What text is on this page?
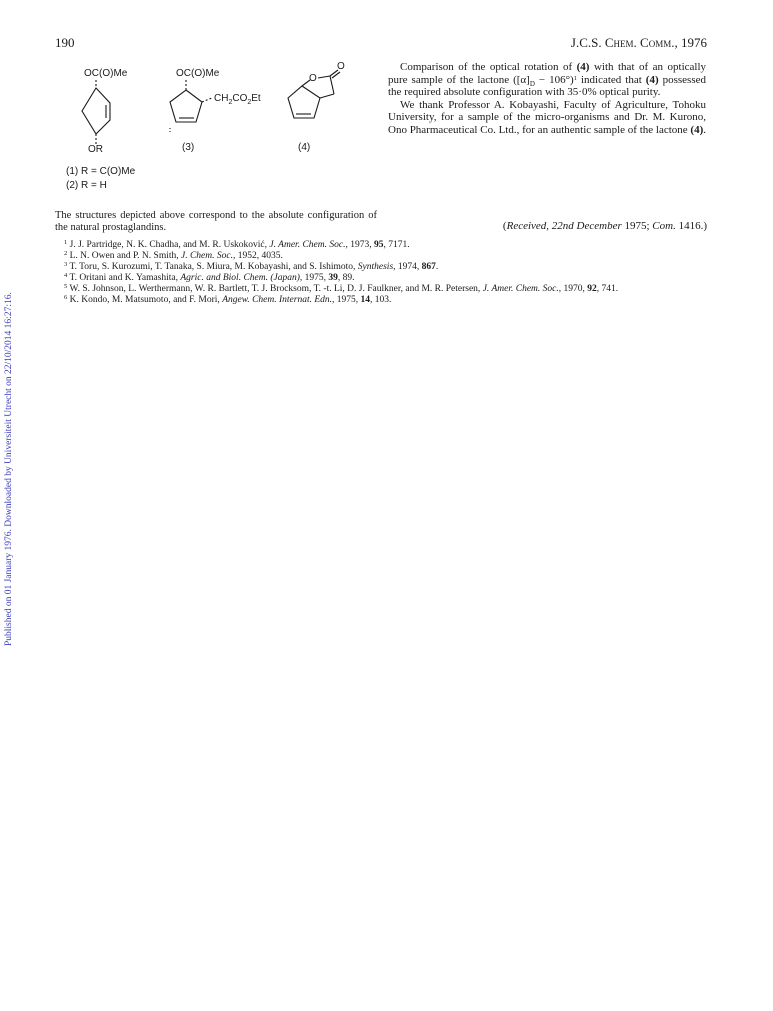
Published on 01 January 1976. Downloaded by Universiteit Utrecht on 22/10/2014 16:27:16.
190	J.C.S. Chem. Comm., 1976
OC(O)Me
OR
OC(O)Me
$CH_2CO_2Et$
(3)	(4)
O
O
(1) R = C(O)Me
(2) R = H
The structures depicted above correspond to the absolute configuration of the natural prostaglandins.

Comparison of the optical rotation of (4) with that of an optically pure sample of the lactone $([\alpha]_D - 106^\circ)^1$ indicated that (4) possessed the required absolute configuration with 35·0% optical purity.

We thank Professor A. Kobayashi, Faculty of Agriculture, Tohoku University, for a sample of the micro-organisms and Dr. M. Kurono, Ono Pharmaceutical Co. Ltd., for an authentic sample of the lactone (4).

(Received, 22nd December 1975; Com. 1416.)
$^1$ J. J. Partridge, N. K. Chadha, and M. R. Uskoković, J. Amer. Chem. Soc., 1973, 95, 7171.
$^2$ L. N. Owen and P. N. Smith, J. Chem. Soc., 1952, 4035.
$^3$ T. Toru, S. Kurozumi, T. Tanaka, S. Miura, M. Kobayashi, and S. Ishimoto, Synthesis, 1974, 867.
$^4$ T. Oritani and K. Yamashita, Agric. and Biol. Chem. (Japan), 1975, 39, 89.
$^5$ W. S. Johnson, L. Werthermann, W. R. Bartlett, T. J. Brocksom, T. -t. Li, D. J. Faulkner, and M. R. Petersen, J. Amer. Chem. Soc., 1970, 92, 741.
$^6$ K. Kondo, M. Matsumoto, and F. Mori, Angew. Chem. Internat. Edn., 1975, 14, 103.
